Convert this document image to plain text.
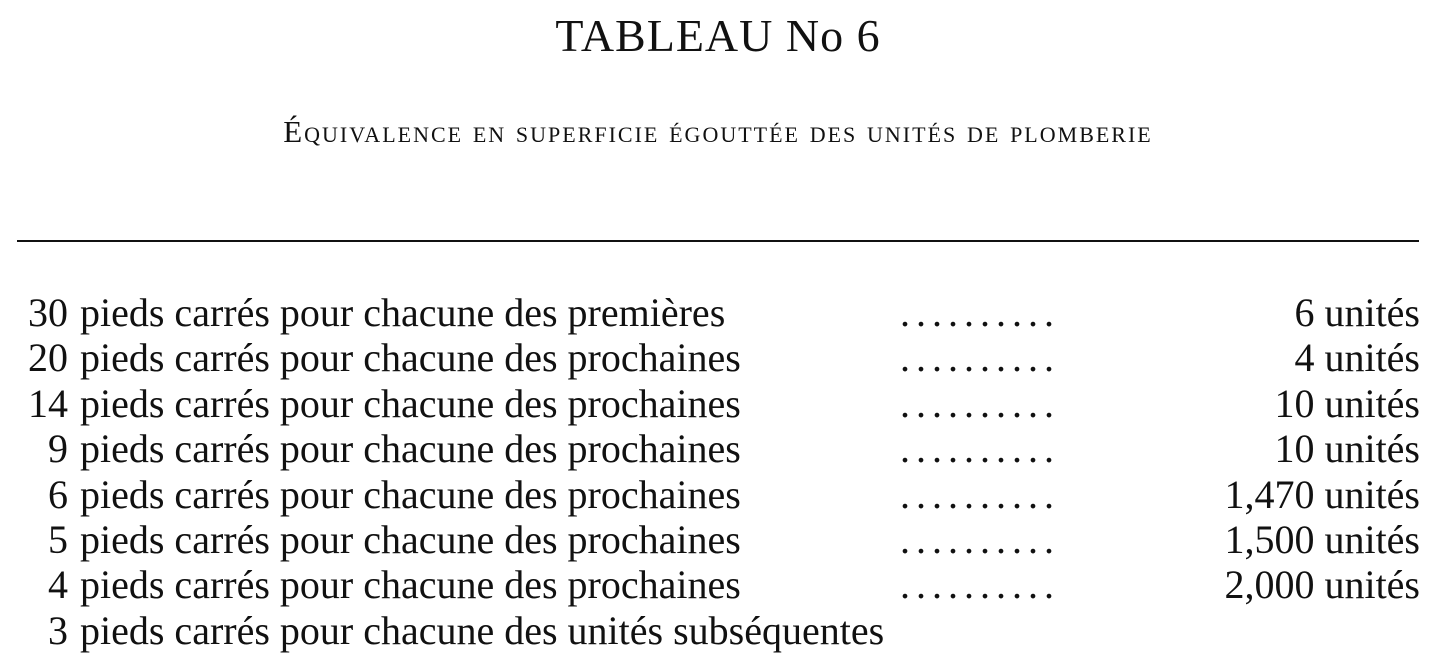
TABLEAU No 6
Équivalence en superficie égouttée des unités de plomberie
30 pieds carrés pour chacune des premières	..........	6 unités
20 pieds carrés pour chacune des prochaines	..........	4 unités
14 pieds carrés pour chacune des prochaines	..........	10 unités
9 pieds carrés pour chacune des prochaines	..........	10 unités
6 pieds carrés pour chacune des prochaines	..........	1,470 unités
5 pieds carrés pour chacune des prochaines	..........	1,500 unités
4 pieds carrés pour chacune des prochaines	..........	2,000 unités
3 pieds carrés pour chacune des unités subséquentes
